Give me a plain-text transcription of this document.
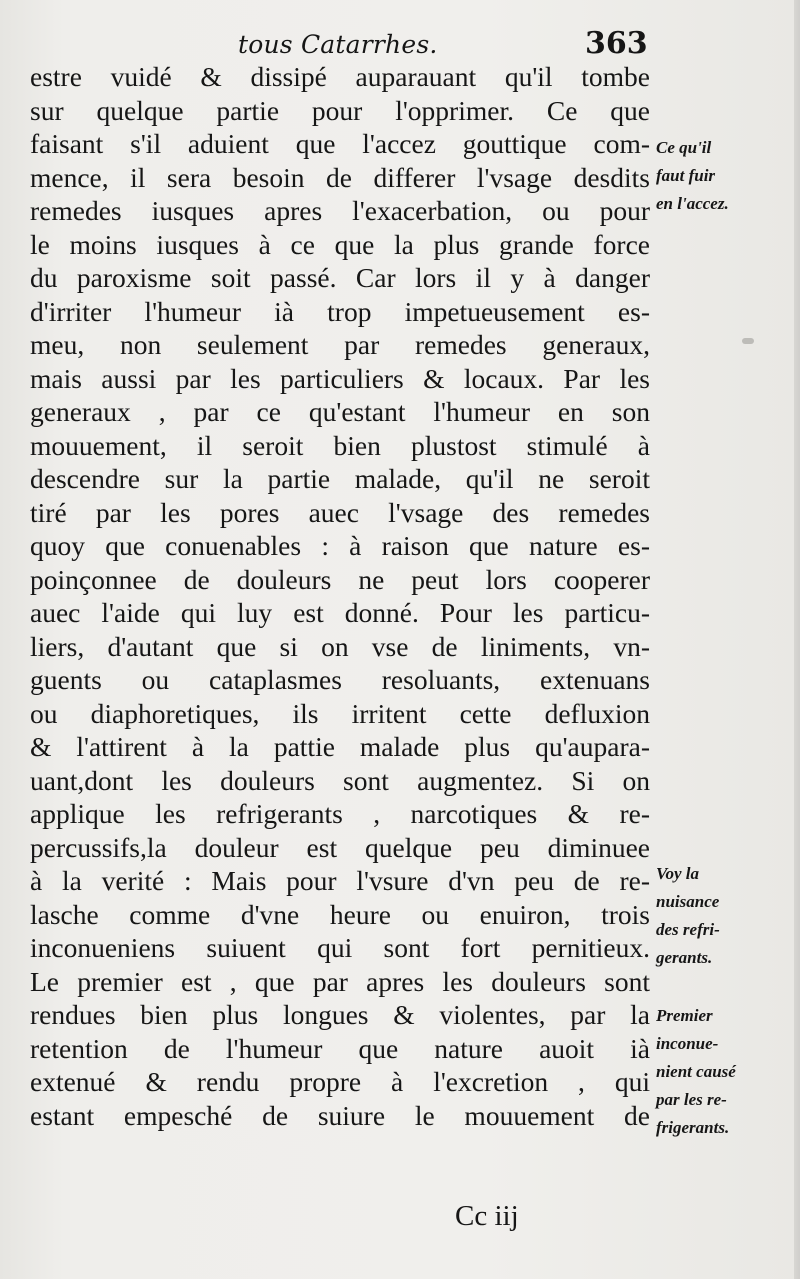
tous Catarrhes.	363
estre vuidé & dissipé auparauant qu'il tombe
sur quelque partie pour l'opprimer. Ce que
faisant s'il aduient que l'accez gouttique com-
mence, il sera besoin de differer l'vsage desdits
remedes iusques apres l'exacerbation, ou pour
le moins iusques à ce que la plus grande force
du paroxisme soit passé. Car lors il y à danger
d'irriter l'humeur ià trop impetueusement es-
meu, non seulement par remedes generaux,
mais aussi par les particuliers & locaux. Par les
generaux , par ce qu'estant l'humeur en son
mouuement, il seroit bien plustost stimulé à
descendre sur la partie malade, qu'il ne seroit
tiré par les pores auec l'vsage des remedes
quoy que conuenables : à raison que nature es-
poinçonnee de douleurs ne peut lors cooperer
auec l'aide qui luy est donné. Pour les particu-
liers, d'autant que si on vse de liniments, vn-
guents ou cataplasmes resoluants, extenuans
ou diaphoretiques, ils irritent cette defluxion
& l'attirent à la pattie malade plus qu'aupara-
uant,dont les douleurs sont augmentez. Si on
applique les refrigerants , narcotiques & re-
percussifs,la douleur est quelque peu diminuee
à la verité : Mais pour l'vsure d'vn peu de re-
lasche comme d'vne heure ou enuiron, trois
inconueniens suiuent qui sont fort pernitieux.
Le premier est , que par apres les douleurs sont
rendues bien plus longues & violentes, par la
retention de l'humeur que nature auoit ià
extenué & rendu propre à l'excretion , qui
estant empesché de suiure le mouuement de
Ce qu'il
faut fuir
en l'accez.
Voy la
nuisance
des refri-
gerants.
Premier
inconue-
nient causé
par les re-
frigerants.
Cc iij
